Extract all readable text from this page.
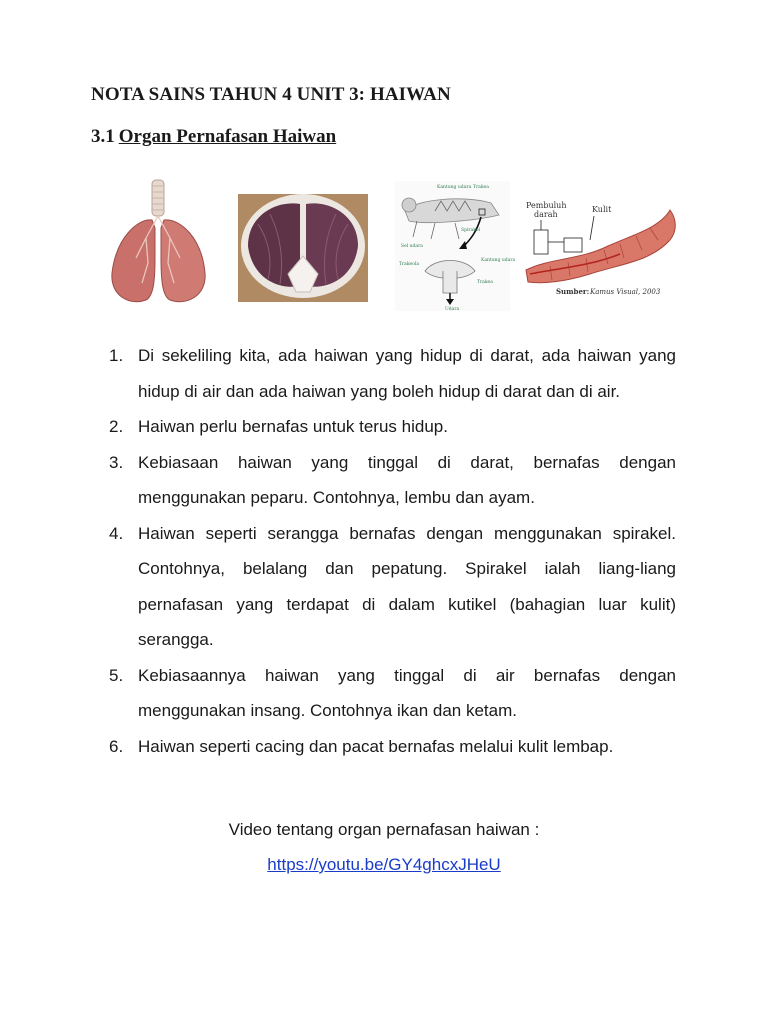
NOTA SAINS TAHUN 4 UNIT 3: HAIWAN
3.1 Organ Pernafasan Haiwan
Kantung udara Trakea
Spirakel
Sel udara
Trakeola
Kantung udara
Trakea
Udara
Pembuluh
darah
Kulit
Sumber: Kamus Visual, 2003
1. Di sekeliling kita, ada haiwan yang hidup di darat, ada haiwan yang hidup di air dan ada haiwan yang boleh hidup di darat dan di air.
2. Haiwan perlu bernafas untuk terus hidup.
3. Kebiasaan haiwan yang tinggal di darat, bernafas dengan menggunakan peparu. Contohnya, lembu dan ayam.
4. Haiwan seperti serangga bernafas dengan menggunakan spirakel. Contohnya, belalang dan pepatung. Spirakel ialah liang-liang pernafasan yang terdapat di dalam kutikel (bahagian luar kulit) serangga.
5. Kebiasaannya haiwan yang tinggal di air bernafas dengan menggunakan insang. Contohnya ikan dan ketam.
6. Haiwan seperti cacing dan pacat bernafas melalui kulit lembap.

Video tentang organ pernafasan haiwan :

https://youtu.be/GY4ghcxJHeU
